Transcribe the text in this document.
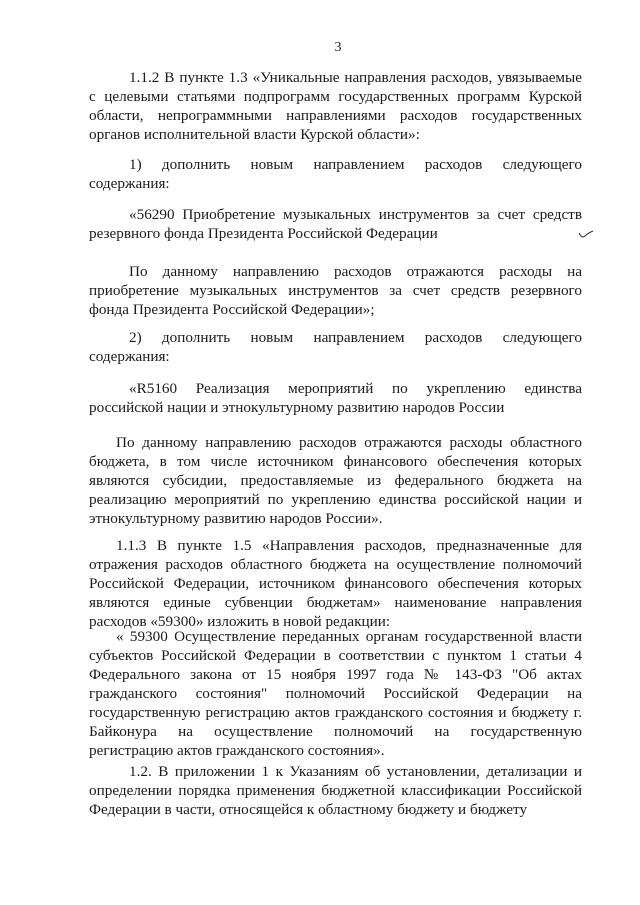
3

1.1.2 В пункте 1.3 «Уникальные направления расходов, увязываемые с целевыми статьями подпрограмм государственных программ Курской области, непрограммными направлениями расходов государственных органов исполнительной власти Курской области»:

1) дополнить новым направлением расходов следующего содержания:

«56290 Приобретение музыкальных инструментов за счет средств резервного фонда Президента Российской Федерации

По данному направлению расходов отражаются расходы на приобретение музыкальных инструментов за счет средств резервного фонда Президента Российской Федерации»;

2) дополнить новым направлением расходов следующего содержания:

«R5160 Реализация мероприятий по укреплению единства российской нации и этнокультурному развитию народов России

По данному направлению расходов отражаются расходы областного бюджета, в том числе источником финансового обеспечения которых являются субсидии, предоставляемые из федерального бюджета на реализацию мероприятий по укреплению единства российской нации и этнокультурному развитию народов России».

1.1.3 В пункте 1.5 «Направления расходов, предназначенные для отражения расходов областного бюджета на осуществление полномочий Российской Федерации, источником финансового обеспечения которых являются единые субвенции бюджетам» наименование направления расходов «59300» изложить в новой редакции:

« 59300 Осуществление переданных органам государственной власти субъектов Российской Федерации в соответствии с пунктом 1 статьи 4 Федерального закона от 15 ноября 1997 года № 143-ФЗ "Об актах гражданского состояния" полномочий Российской Федерации на государственную регистрацию актов гражданского состояния и бюджету г. Байконура на осуществление полномочий на государственную регистрацию актов гражданского состояния».

1.2. В приложении 1 к Указаниям об установлении, детализации и определении порядка применения бюджетной классификации Российской Федерации в части, относящейся к областному бюджету и бюджету
